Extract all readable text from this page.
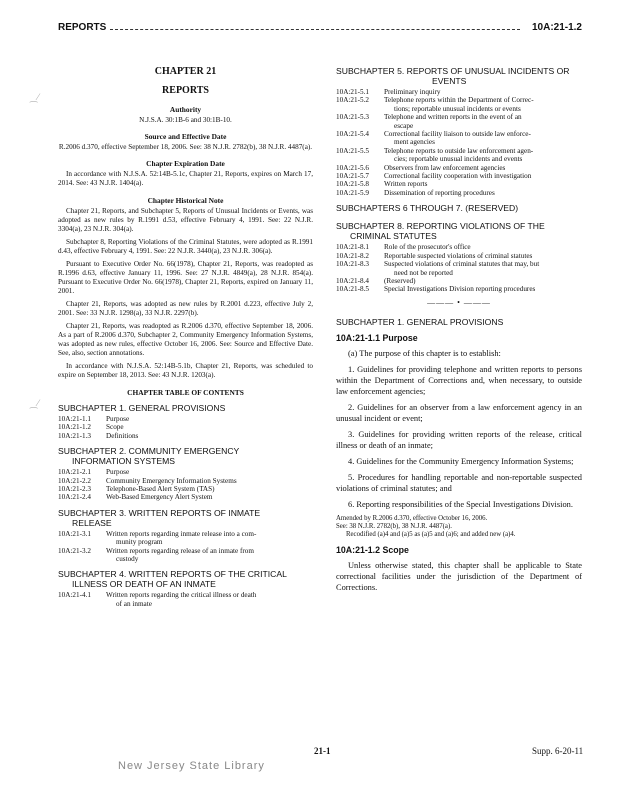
REPORTS	10A:21-1.2
⁔⁄
⁔⁄
CHAPTER 21
REPORTS
Authority
N.J.S.A. 30:1B-6 and 30:1B-10.
Source and Effective Date
R.2006 d.370, effective September 18, 2006. See: 38 N.J.R. 2782(b), 38 N.J.R. 4487(a).
Chapter Expiration Date

In accordance with N.J.S.A. 52:14B-5.1c, Chapter 21, Reports, expires on March 17, 2014. See: 43 N.J.R. 1404(a).

Chapter Historical Note

Chapter 21, Reports, and Subchapter 5, Reports of Unusual Incidents or Events, was adopted as new rules by R.1991 d.53, effective February 4, 1991. See: 22 N.J.R. 3304(a), 23 N.J.R. 304(a).

Subchapter 8, Reporting Violations of the Criminal Statutes, were adopted as R.1991 d.43, effective February 4, 1991. See: 22 N.J.R. 3440(a), 23 N.J.R. 306(a).

Pursuant to Executive Order No. 66(1978), Chapter 21, Reports, was readopted as R.1996 d.63, effective January 11, 1996. See: 27 N.J.R. 4849(a), 28 N.J.R. 854(a). Pursuant to Executive Order No. 66(1978), Chapter 21, Reports, expired on January 11, 2001.

Chapter 21, Reports, was adopted as new rules by R.2001 d.223, effective July 2, 2001. See: 33 N.J.R. 1298(a), 33 N.J.R. 2297(b).

Chapter 21, Reports, was readopted as R.2006 d.370, effective September 18, 2006. As a part of R.2006 d.370, Subchapter 2, Community Emergency Information Systems, was adopted as new rules, effective October 16, 2006. See: Source and Effective Date. See, also, section annotations.

In accordance with N.J.S.A. 52:14B-5.1b, Chapter 21, Reports, was scheduled to expire on September 18, 2013. See: 43 N.J.R. 1203(a).

CHAPTER TABLE OF CONTENTS
SUBCHAPTER 1. GENERAL PROVISIONS
10A:21-1.1	Purpose
10A:21-1.2	Scope
10A:21-1.3	Definitions
SUBCHAPTER 2. COMMUNITY EMERGENCY
INFORMATION SYSTEMS
10A:21-2.1	Purpose
10A:21-2.2	Community Emergency Information Systems
10A:21-2.3	Telephone-Based Alert System (TAS)
10A:21-2.4	Web-Based Emergency Alert System
SUBCHAPTER 3. WRITTEN REPORTS OF INMATE
RELEASE
10A:21-3.1	Written reports regarding inmate release into a com-
munity program
10A:21-3.2	Written reports regarding release of an inmate from
custody
SUBCHAPTER 4. WRITTEN REPORTS OF THE CRITICAL
ILLNESS OR DEATH OF AN INMATE
10A:21-4.1	Written reports regarding the critical illness or death
of an inmate
SUBCHAPTER 5. REPORTS OF UNUSUAL INCIDENTS OR
EVENTS
10A:21-5.1	Preliminary inquiry
10A:21-5.2	Telephone reports within the Department of Correc-
tions; reportable unusual incidents or events
10A:21-5.3	Telephone and written reports in the event of an
escape
10A:21-5.4	Correctional facility liaison to outside law enforce-
ment agencies
10A:21-5.5	Telephone reports to outside law enforcement agen-
cies; reportable unusual incidents and events
10A:21-5.6	Observers from law enforcement agencies
10A:21-5.7	Correctional facility cooperation with investigation
10A:21-5.8	Written reports
10A:21-5.9	Dissemination of reporting procedures
SUBCHAPTERS 6 THROUGH 7. (RESERVED)
SUBCHAPTER 8. REPORTING VIOLATIONS OF THE
CRIMINAL STATUTES
10A:21-8.1	Role of the prosecutor's office
10A:21-8.2	Reportable suspected violations of criminal statutes
10A:21-8.3	Suspected violations of criminal statutes that may, but
need not be reported
10A:21-8.4	(Reserved)
10A:21-8.5	Special Investigations Division reporting procedures
——— • ———
SUBCHAPTER 1. GENERAL PROVISIONS
10A:21-1.1 Purpose

(a) The purpose of this chapter is to establish:

1. Guidelines for providing telephone and written reports to persons within the Department of Corrections and, when necessary, to outside law enforcement agencies;

2. Guidelines for an observer from a law enforcement agency in an unusual incident or event;

3. Guidelines for providing written reports of the release, critical illness or death of an inmate;

4. Guidelines for the Community Emergency Information Systems;

5. Procedures for handling reportable and non-reportable suspected violations of criminal statutes; and

6. Reporting responsibilities of the Special Investigations Division.

Amended by R.2006 d.370, effective October 16, 2006.

See: 38 N.J.R. 2782(b), 38 N.J.R. 4487(a).

Recodified (a)4 and (a)5 as (a)5 and (a)6; and added new (a)4.

10A:21-1.2 Scope

Unless otherwise stated, this chapter shall be applicable to State correctional facilities under the jurisdiction of the Department of Corrections.

21-1	Supp. 6-20-11
New Jersey State Library
